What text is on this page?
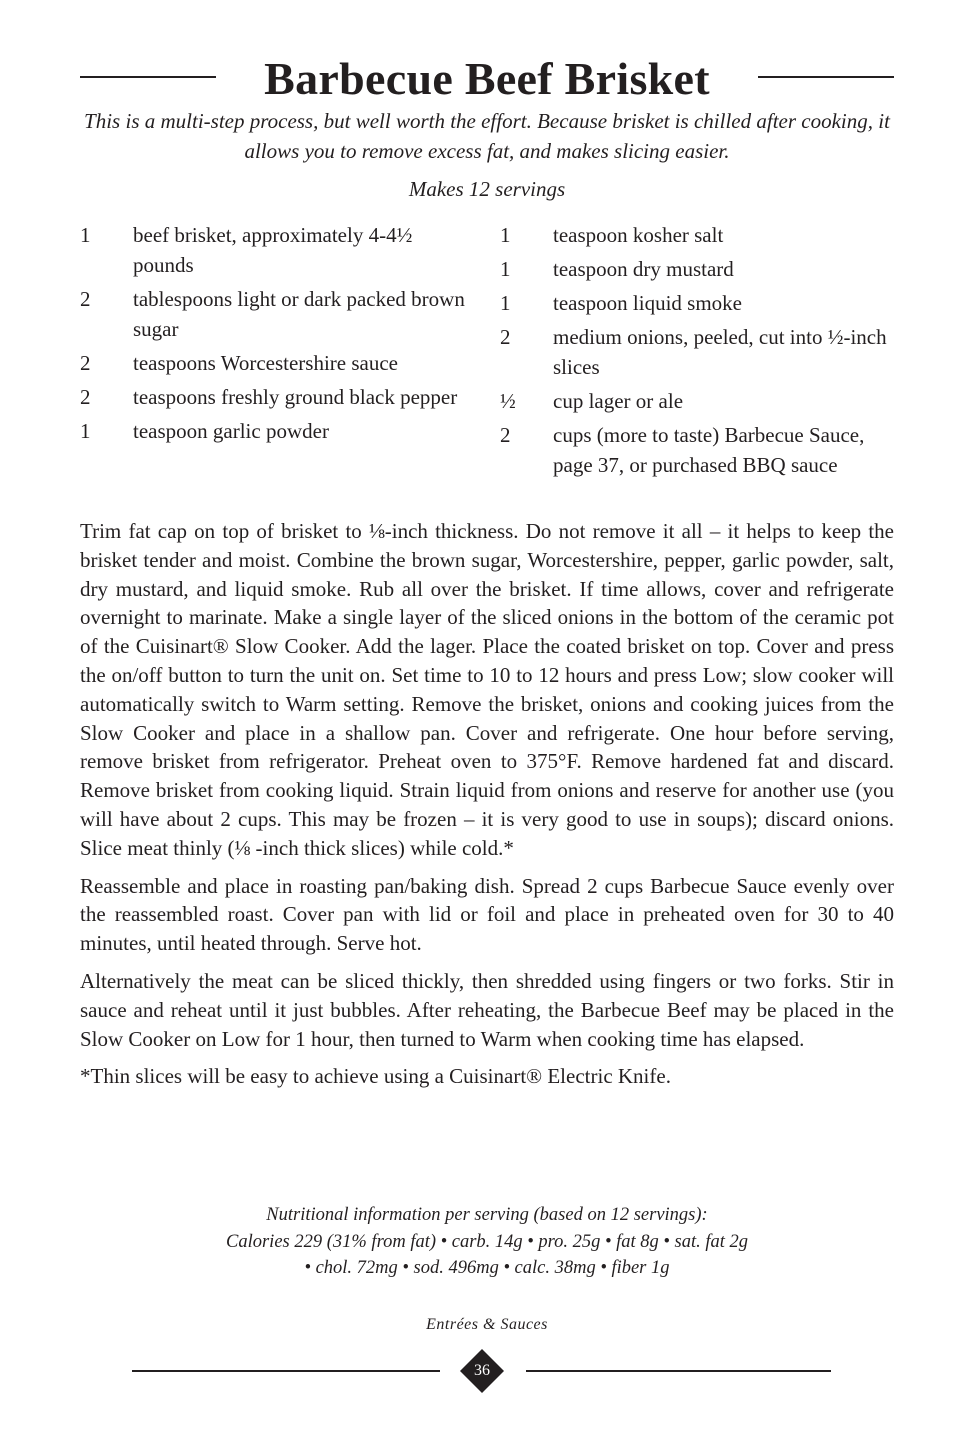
Barbecue Beef Brisket

This is a multi-step process, but well worth the effort. Because brisket is chilled after cooking, it allows you to remove excess fat, and makes slicing easier.

Makes 12 servings

1	beef brisket, approximately 4-4½ pounds
2	tablespoons light or dark packed brown sugar
2	teaspoons Worcestershire sauce
2	teaspoons freshly ground black pepper
1	teaspoon garlic powder
1	teaspoon kosher salt
1	teaspoon dry mustard
1	teaspoon liquid smoke
2	medium onions, peeled, cut into ½-inch slices
½	cup lager or ale
2	cups (more to taste) Barbecue Sauce, page 37, or purchased BBQ sauce

Trim fat cap on top of brisket to ⅛-inch thickness. Do not remove it all – it helps to keep the brisket tender and moist. Combine the brown sugar, Worcestershire, pepper, garlic powder, salt, dry mustard, and liquid smoke. Rub all over the brisket. If time allows, cover and refrigerate overnight to marinate. Make a single layer of the sliced onions in the bottom of the ceramic pot of the Cuisinart® Slow Cooker. Add the lager. Place the coated brisket on top. Cover and press the on/off button to turn the unit on. Set time to 10 to 12 hours and press Low; slow cooker will automatically switch to Warm setting. Remove the brisket, onions and cooking juices from the Slow Cooker and place in a shallow pan. Cover and refrigerate. One hour before serving, remove brisket from refrigerator. Preheat oven to 375°F. Remove hardened fat and discard. Remove brisket from cooking liquid. Strain liquid from onions and reserve for another use (you will have about 2 cups. This may be frozen – it is very good to use in soups); discard onions. Slice meat thinly (⅛ -inch thick slices) while cold.*

Reassemble and place in roasting pan/baking dish. Spread 2 cups Barbecue Sauce evenly over the reassembled roast. Cover pan with lid or foil and place in preheated oven for 30 to 40 minutes, until heated through. Serve hot.

Alternatively the meat can be sliced thickly, then shredded using fingers or two forks. Stir in sauce and reheat until it just bubbles. After reheating, the Barbecue Beef may be placed in the Slow Cooker on Low for 1 hour, then turned to Warm when cooking time has elapsed.

*Thin slices will be easy to achieve using a Cuisinart® Electric Knife.

Nutritional information per serving (based on 12 servings):
Calories 229 (31% from fat) • carb. 14g • pro. 25g • fat 8g • sat. fat 2g
• chol. 72mg • sod. 496mg • calc. 38mg • fiber 1g
Entrées & Sauces
36
